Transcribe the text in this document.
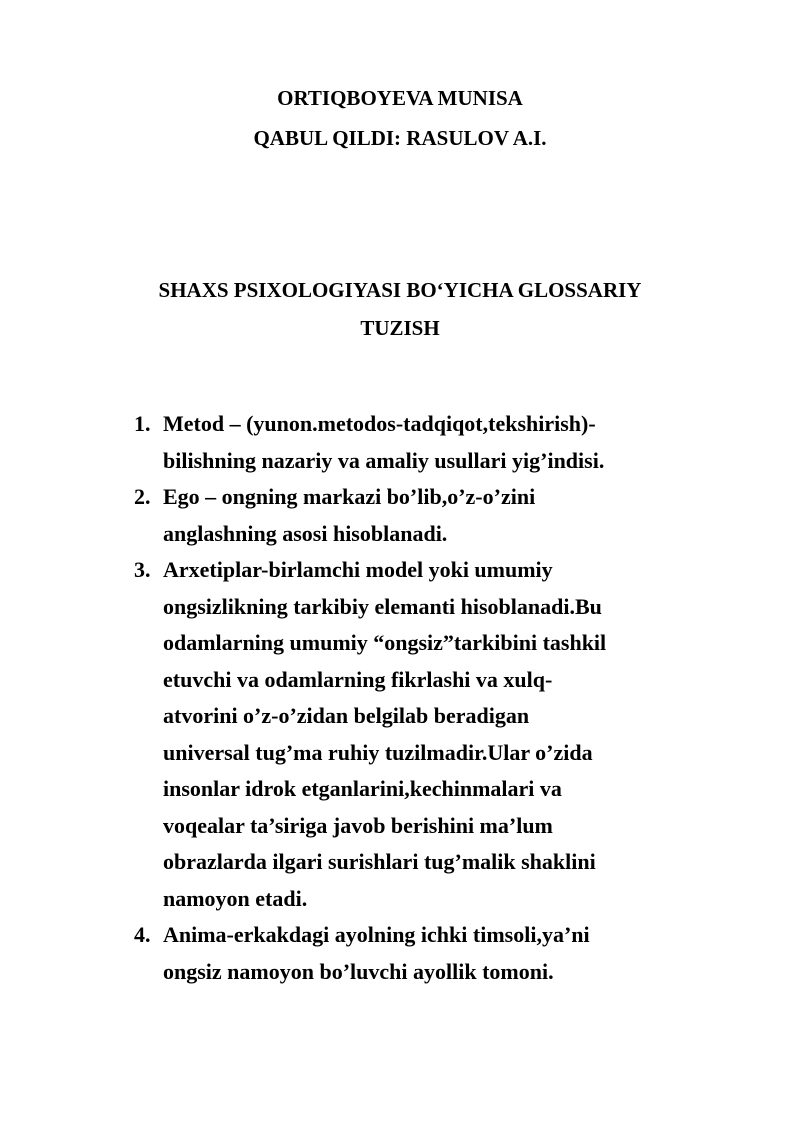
ORTIQBOYEVA MUNISA
QABUL QILDI: RASULOV A.I.
SHAXS PSIXOLOGIYASI BO‘YICHA GLOSSARIY
TUZISH
1. Metod – (yunon.metodos-tadqiqot,tekshirish)-
bilishning nazariy va amaliy usullari yig’indisi.
2. Ego – ongning markazi bo’lib,o’z-o’zini
anglashning asosi hisoblanadi.
3. Arxetiplar-birlamchi model yoki umumiy
ongsizlikning tarkibiy elemanti hisoblanadi.Bu
odamlarning umumiy “ongsiz”tarkibini tashkil
etuvchi va odamlarning fikrlashi va xulq-
atvorini o’z-o’zidan belgilab beradigan
universal tug’ma ruhiy tuzilmadir.Ular o’zida
insonlar idrok etganlarini,kechinmalari va
voqealar ta’siriga javob berishini ma’lum
obrazlarda ilgari surishlari tug’malik shaklini
namoyon etadi.
4. Anima-erkakdagi ayolning ichki timsoli,ya’ni
ongsiz namoyon bo’luvchi ayollik tomoni.
